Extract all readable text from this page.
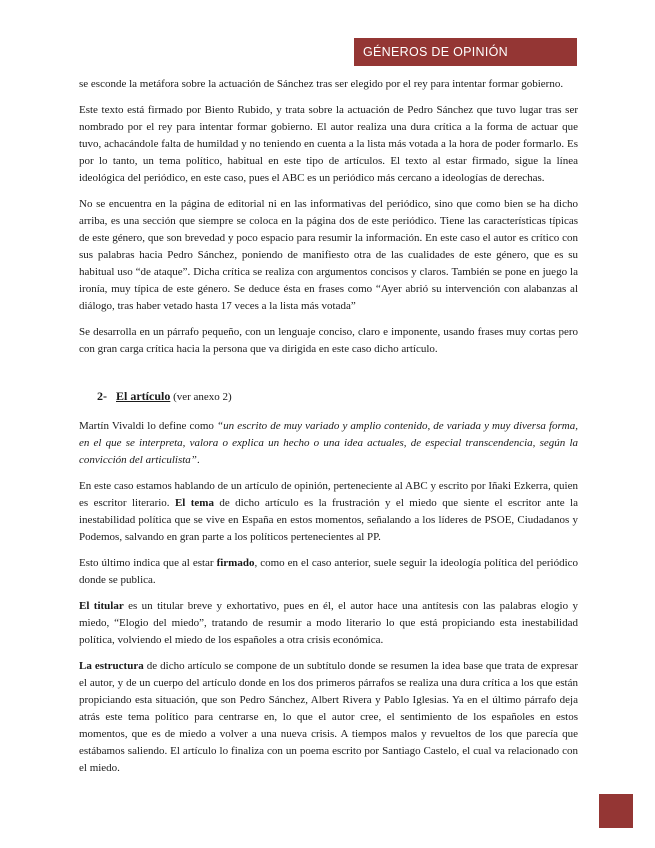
GÉNEROS DE OPINIÓN

se esconde la metáfora sobre la actuación de Sánchez tras ser elegido por el rey para intentar formar gobierno.

Este texto está firmado por Biento Rubido, y trata sobre la actuación de Pedro Sánchez que tuvo lugar tras ser nombrado por el rey para intentar formar gobierno. El autor realiza una dura crítica a la forma de actuar que tuvo, achacándole falta de humildad y no teniendo en cuenta a la lista más votada a la hora de poder formarlo. Es por lo tanto, un tema político, habitual en este tipo de artículos. El texto al estar firmado, sigue la línea ideológica del periódico, en este caso, pues el ABC es un periódico más cercano a ideologías de derechas.

No se encuentra en la página de editorial ni en las informativas del periódico, sino que como bien se ha dicho arriba, es una sección que siempre se coloca en la página dos de este periódico. Tiene las características típicas de este género, que son brevedad y poco espacio para resumir la información. En este caso el autor es crítico con sus palabras hacia Pedro Sánchez, poniendo de manifiesto otra de las cualidades de este género, que es su habitual uso “de ataque”. Dicha crítica se realiza con argumentos concisos y claros. También se pone en juego la ironía, muy típica de este género. Se deduce ésta en frases como “Ayer abrió su intervención con alabanzas al diálogo, tras haber vetado hasta 17 veces a la lista más votada”

Se desarrolla en un párrafo pequeño, con un lenguaje conciso, claro e imponente, usando frases muy cortas pero con gran carga crítica hacia la persona que va dirigida en este caso dicho artículo.

2- El artículo (ver anexo 2)

Martín Vivaldi lo define como “un escrito de muy variado y amplio contenido, de variada y muy diversa forma, en el que se interpreta, valora o explica un hecho o una idea actuales, de especial transcendencia, según la convicción del articulista”.

En este caso estamos hablando de un artículo de opinión, perteneciente al ABC y escrito por Iñaki Ezkerra, quien es escritor literario. El tema de dicho artículo es la frustración y el miedo que siente el escritor ante la inestabilidad política que se vive en España en estos momentos, señalando a los líderes de PSOE, Ciudadanos y Podemos, salvando en gran parte a los políticos pertenecientes al PP.

Esto último indica que al estar firmado, como en el caso anterior, suele seguir la ideología política del periódico donde se publica.

El titular es un titular breve y exhortativo, pues en él, el autor hace una antítesis con las palabras elogio y miedo, “Elogio del miedo”, tratando de resumir a modo literario lo que está propiciando esta inestabilidad política, volviendo el miedo de los españoles a otra crisis económica.

La estructura de dicho artículo se compone de un subtítulo donde se resumen la idea base que trata de expresar el autor, y de un cuerpo del artículo donde en los dos primeros párrafos se realiza una dura crítica a los que están propiciando esta situación, que son Pedro Sánchez, Albert Rivera y Pablo Iglesias. Ya en el último párrafo deja atrás este tema político para centrarse en, lo que el autor cree, el sentimiento de los españoles en estos momentos, que es de miedo a volver a una nueva crisis. A tiempos malos y revueltos de los que parecía que estábamos saliendo. El artículo lo finaliza con un poema escrito por Santiago Castelo, el cual va relacionado con el miedo.
